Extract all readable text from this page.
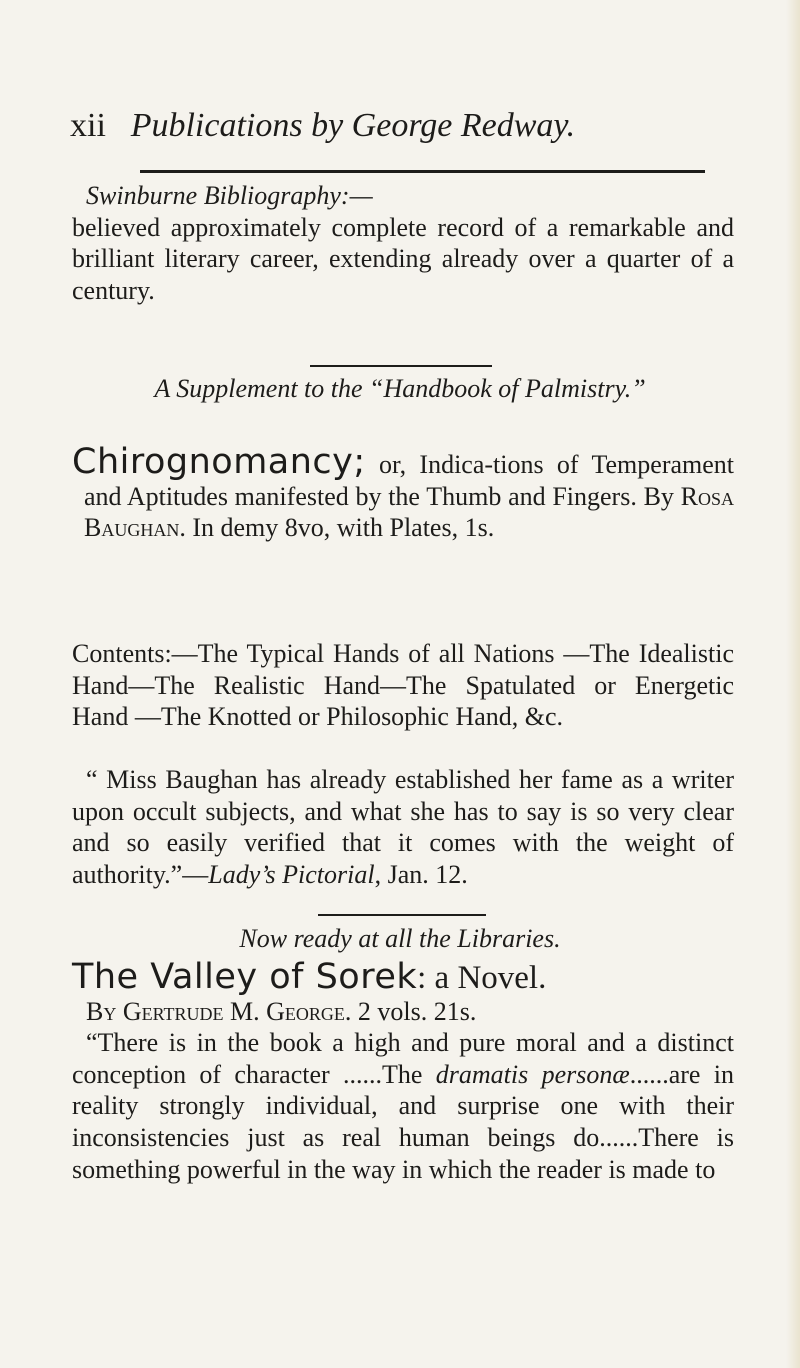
xii Publications by George Redway.
Swinburne Bibliography:—
believed approximately complete record of a remarkable and brilliant literary career, extending already over a quarter of a century.
A Supplement to the “Handbook of Palmistry.”
Chirognomancy; or, Indica-tions of Temperament and Aptitudes manifested by the Thumb and Fingers. By Rosa Baughan. In demy 8vo, with Plates, 1s.
Contents:—The Typical Hands of all Nations —The Idealistic Hand—The Realistic Hand—The Spatulated or Energetic Hand —The Knotted or Philosophic Hand, &c.
“ Miss Baughan has already established her fame as a writer upon occult subjects, and what she has to say is so very clear and so easily verified that it comes with the weight of authority.”—Lady’s Pictorial, Jan. 12.
Now ready at all the Libraries.
The Valley of Sorek: a Novel.
By Gertrude M. George. 2 vols. 21s.
“There is in the book a high and pure moral and a distinct conception of character ......The dramatis personæ......are in reality strongly individual, and surprise one with their inconsistencies just as real human beings do......There is something powerful in the way in which the reader is made to
